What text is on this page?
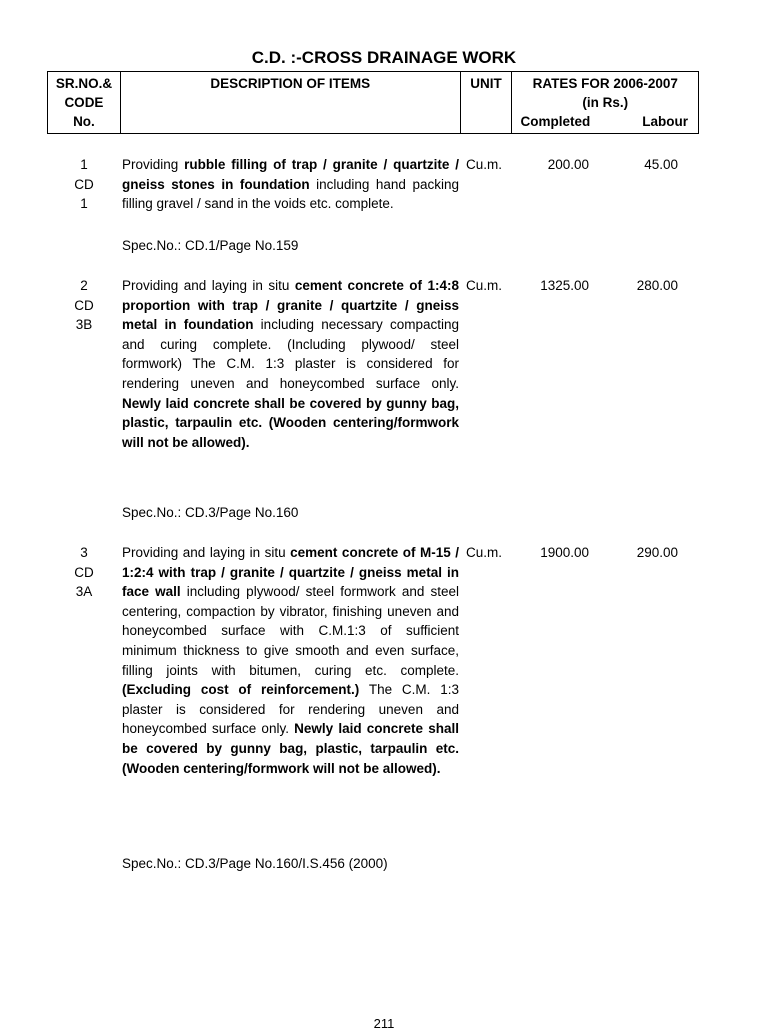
C.D. :-CROSS DRAINAGE WORK
SR.NO.&
CODE
No.
	DESCRIPTION OF ITEMS	UNIT	RATES FOR 2006-2007
(in Rs.)
Completed	Labour
1
CD
1
Providing rubble filling of trap / granite / quartzite / gneiss stones in foundation including hand packing filling gravel / sand in the voids etc. complete.
Cu.m.	200.00	45.00
Spec.No.: CD.1/Page No.159
2
CD
3B
Providing and laying in situ cement concrete of 1:4:8 proportion with trap / granite / quartzite / gneiss metal in foundation including necessary compacting and curing complete. (Including plywood/ steel formwork) The C.M. 1:3 plaster is considered for rendering uneven and honeycombed surface only. Newly laid concrete shall be covered by gunny bag, plastic, tarpaulin etc. (Wooden centering/formwork will not be allowed).
Cu.m.	1325.00	280.00
Spec.No.: CD.3/Page No.160
3
CD
3A
Providing and laying in situ cement concrete of M-15 / 1:2:4 with trap / granite / quartzite / gneiss metal in face wall including plywood/ steel formwork and steel centering, compaction by vibrator, finishing uneven and honeycombed surface with C.M.1:3 of sufficient minimum thickness to give smooth and even surface, filling joints with bitumen, curing etc. complete. (Excluding cost of reinforcement.) The C.M. 1:3 plaster is considered for rendering uneven and honeycombed surface only. Newly laid concrete shall be covered by gunny bag, plastic, tarpaulin etc. (Wooden centering/formwork will not be allowed).
Cu.m.	1900.00	290.00
Spec.No.: CD.3/Page No.160/I.S.456 (2000)
211
